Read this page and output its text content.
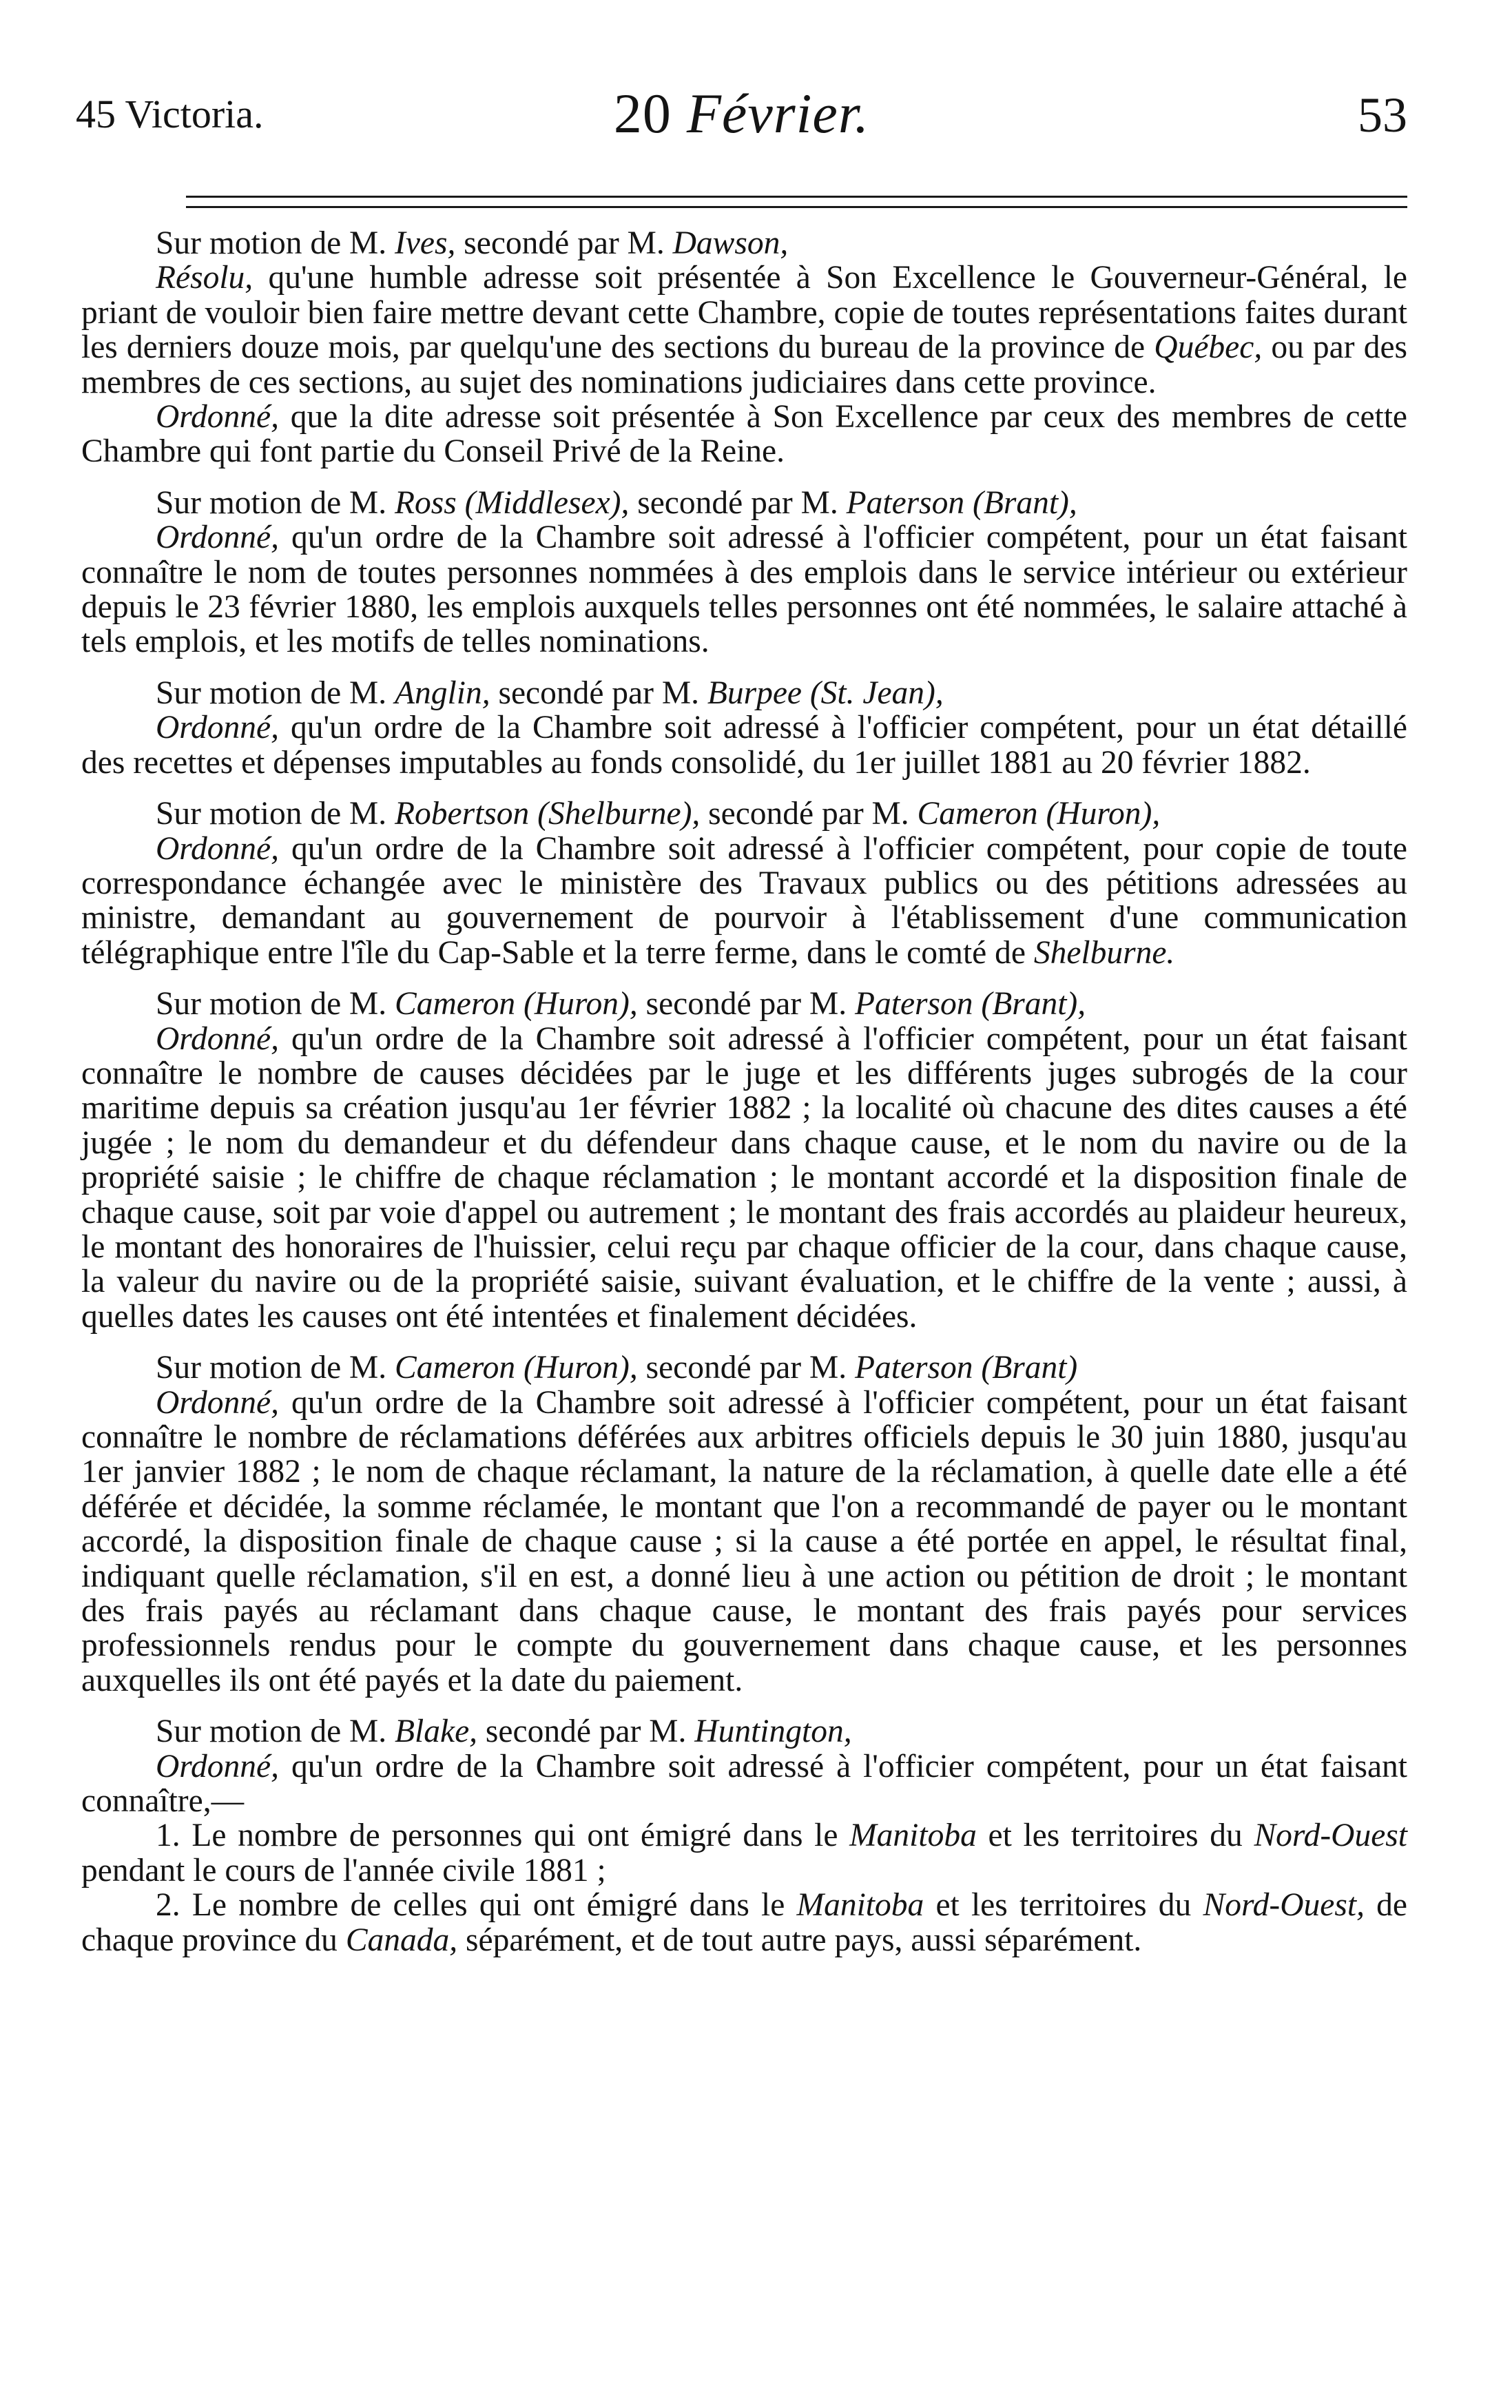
45 Victoria.	20 Février.	53

Sur motion de M. Ives, secondé par M. Dawson,

Résolu, qu'une humble adresse soit présentée à Son Excellence le Gouverneur-Général, le priant de vouloir bien faire mettre devant cette Chambre, copie de toutes représentations faites durant les derniers douze mois, par quelqu'une des sections du bureau de la province de Québec, ou par des membres de ces sections, au sujet des nominations judiciaires dans cette province.

Ordonné, que la dite adresse soit présentée à Son Excellence par ceux des membres de cette Chambre qui font partie du Conseil Privé de la Reine.

Sur motion de M. Ross (Middlesex), secondé par M. Paterson (Brant),

Ordonné, qu'un ordre de la Chambre soit adressé à l'officier compétent, pour un état faisant connaître le nom de toutes personnes nommées à des emplois dans le service intérieur ou extérieur depuis le 23 février 1880, les emplois auxquels telles personnes ont été nommées, le salaire attaché à tels emplois, et les motifs de telles nominations.

Sur motion de M. Anglin, secondé par M. Burpee (St. Jean),

Ordonné, qu'un ordre de la Chambre soit adressé à l'officier compétent, pour un état détaillé des recettes et dépenses imputables au fonds consolidé, du 1er juillet 1881 au 20 février 1882.

Sur motion de M. Robertson (Shelburne), secondé par M. Cameron (Huron),

Ordonné, qu'un ordre de la Chambre soit adressé à l'officier compétent, pour copie de toute correspondance échangée avec le ministère des Travaux publics ou des pétitions adressées au ministre, demandant au gouvernement de pourvoir à l'établissement d'une communication télégraphique entre l'île du Cap-Sable et la terre ferme, dans le comté de Shelburne.

Sur motion de M. Cameron (Huron), secondé par M. Paterson (Brant),

Ordonné, qu'un ordre de la Chambre soit adressé à l'officier compétent, pour un état faisant connaître le nombre de causes décidées par le juge et les différents juges subrogés de la cour maritime depuis sa création jusqu'au 1er février 1882 ; la localité où chacune des dites causes a été jugée ; le nom du demandeur et du défendeur dans chaque cause, et le nom du navire ou de la propriété saisie ; le chiffre de chaque réclamation ; le montant accordé et la disposition finale de chaque cause, soit par voie d'appel ou autrement ; le montant des frais accordés au plaideur heureux, le montant des honoraires de l'huissier, celui reçu par chaque officier de la cour, dans chaque cause, la valeur du navire ou de la propriété saisie, suivant évaluation, et le chiffre de la vente ; aussi, à quelles dates les causes ont été intentées et finalement décidées.

Sur motion de M. Cameron (Huron), secondé par M. Paterson (Brant)

Ordonné, qu'un ordre de la Chambre soit adressé à l'officier compétent, pour un état faisant connaître le nombre de réclamations déférées aux arbitres officiels depuis le 30 juin 1880, jusqu'au 1er janvier 1882 ; le nom de chaque réclamant, la nature de la réclamation, à quelle date elle a été déférée et décidée, la somme réclamée, le montant que l'on a recommandé de payer ou le montant accordé, la disposition finale de chaque cause ; si la cause a été portée en appel, le résultat final, indiquant quelle réclamation, s'il en est, a donné lieu à une action ou pétition de droit ; le montant des frais payés au réclamant dans chaque cause, le montant des frais payés pour services professionnels rendus pour le compte du gouvernement dans chaque cause, et les personnes auxquelles ils ont été payés et la date du paiement.

Sur motion de M. Blake, secondé par M. Huntington,

Ordonné, qu'un ordre de la Chambre soit adressé à l'officier compétent, pour un état faisant connaître,—

1. Le nombre de personnes qui ont émigré dans le Manitoba et les territoires du Nord-Ouest pendant le cours de l'année civile 1881 ;

2. Le nombre de celles qui ont émigré dans le Manitoba et les territoires du Nord-Ouest, de chaque province du Canada, séparément, et de tout autre pays, aussi séparément.
